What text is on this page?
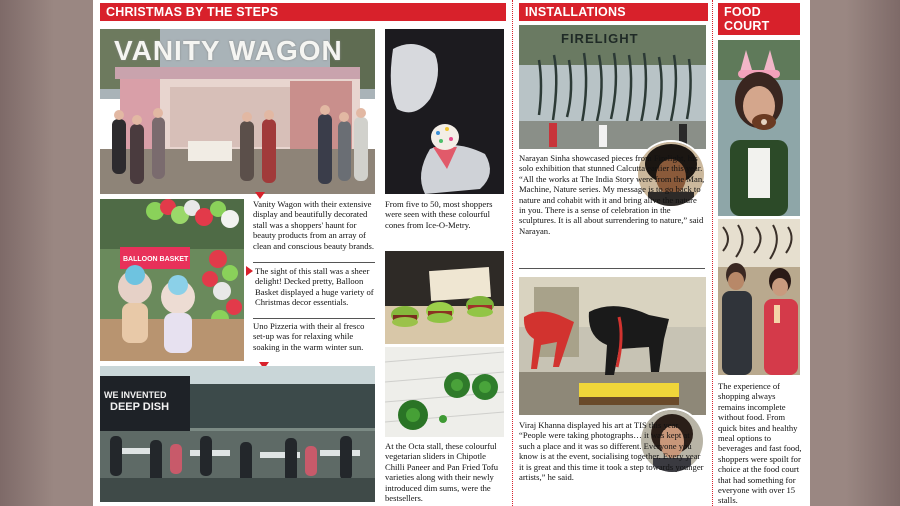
CHRISTMAS BY THE STEPS	INSTALLATIONS	FOOD
COURT
VANITY WAGON
BALLOON BASKET
Vanity Wagon with their extensive display and beautifully decorated stall was a shoppers' haunt for beauty products from an array of clean and conscious beauty brands.
The sight of this stall was a sheer delight! Decked pretty, Balloon Basket displayed a huge variety of Christmas decor essentials.
Uno Pizzeria with their al fresco set-up was for relaxing while soaking in the warm winter sun.
From five to 50, most shoppers were seen with these colourful cones from Ice-O-Metry.
WE INVENTED
DEEP DISH
At the Octa stall, these colourful vegetarian sliders in Chipotle Chilli Paneer and Pan Fried Tofu varieties along with their newly introduced dim sums, were the bestsellers.
FIRELIGHT
Narayan Sinha showcased pieces from Firelight, his solo exhibition that stunned Calcutta earlier this year. “All the works at The India Story were from the Man, Machine, Nature series. My message is to go back to nature and cohabit with it and bring alive the nature in you. There is a sense of celebration in the sculptures. It is all about surrendering to nature,” said Narayan.
Viraj Khanna displayed his art at TIS this year. “People were taking photographs… it was kept at such a place and it was so different. Everyone you know is at the event, socialising together. Every year it is great and this time it took a step towards younger artists,” he said.
The experience of shopping always remains incomplete without food. From quick bites and healthy meal options to beverages and fast food, shoppers were spoilt for choice at the food court that had something for everyone with over 15 stalls.
